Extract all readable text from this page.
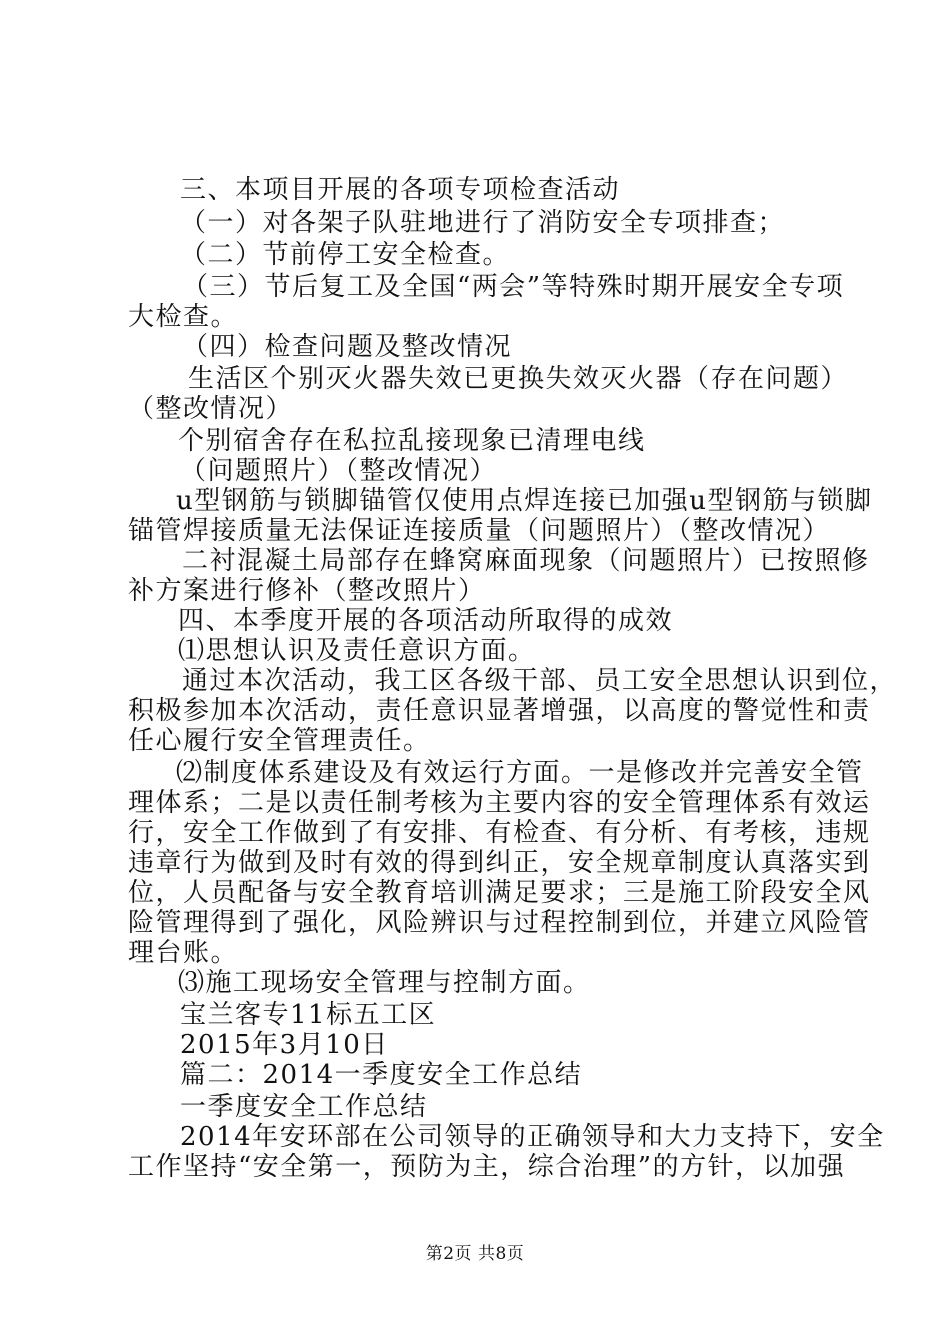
三、本项目开展的各项专项检查活动
（一）对各架子队驻地进行了消防安全专项排查；
（二）节前停工安全检查。
（三）节后复工及全国“两会”等特殊时期开展安全专项
大检查。
（四）检查问题及整改情况
生活区个别灭火器失效已更换失效灭火器（存在问题）
（整改情况）
个别宿舍存在私拉乱接现象已清理电线
（问题照片）（整改情况）
u型钢筋与锁脚锚管仅使用点焊连接已加强u型钢筋与锁脚
锚管焊接质量无法保证连接质量（问题照片）（整改情况）
二衬混凝土局部存在蜂窝麻面现象（问题照片）已按照修
补方案进行修补（整改照片）
四、本季度开展的各项活动所取得的成效
⑴思想认识及责任意识方面。
通过本次活动，我工区各级干部、员工安全思想认识到位，
积极参加本次活动，责任意识显著增强，以高度的警觉性和责
任心履行安全管理责任。
⑵制度体系建设及有效运行方面。一是修改并完善安全管
理体系；二是以责任制考核为主要内容的安全管理体系有效运
行，安全工作做到了有安排、有检查、有分析、有考核，违规
违章行为做到及时有效的得到纠正，安全规章制度认真落实到
位，人员配备与安全教育培训满足要求；三是施工阶段安全风
险管理得到了强化，风险辨识与过程控制到位，并建立风险管
理台账。
⑶施工现场安全管理与控制方面。
宝兰客专11标五工区
2015年3月10日
篇二：2014一季度安全工作总结
一季度安全工作总结
2014年安环部在公司领导的正确领导和大力支持下，安全
工作坚持“安全第一，预防为主，综合治理”的方针，以加强
第2页 共8页
